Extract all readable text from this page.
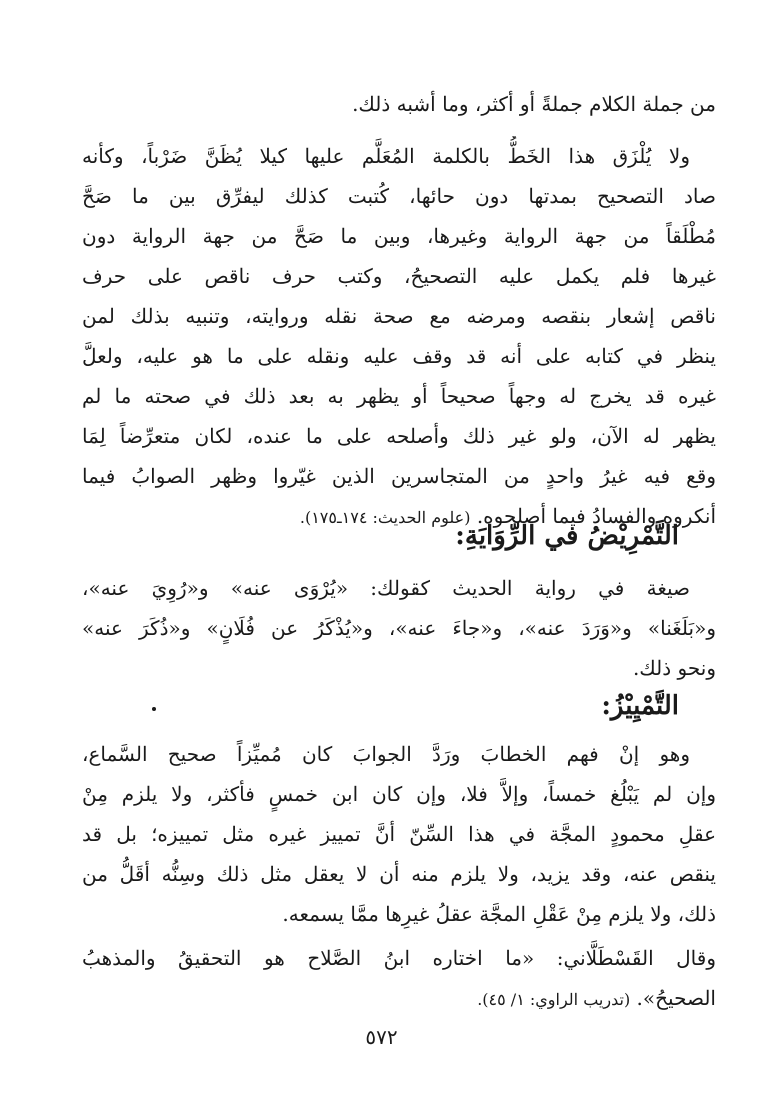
من جملة الكلام جملةً أو أكثر، وما أشبه ذلك.
ولا يُلْزَق هذا الخَطُّ بالكلمة المُعَلَّم عليها كيلا يُظَنَّ ضَرْباً، وكأنه
صاد التصحيح بمدتها دون حائها، كُتبت كذلك ليفرِّق بين ما صَحَّ
مُطْلَقاً من جهة الرواية وغيرها، وبين ما صَحَّ من جهة الرواية دون
غيرها فلم يكمل عليه التصحيحُ، وكتب حرف ناقص على حرف
ناقص إشعار بنقصه ومرضه مع صحة نقله وروايته، وتنبيه بذلك لمن
ينظر في كتابه على أنه قد وقف عليه ونقله على ما هو عليه، ولعلَّ
غيره قد يخرج له وجهاً صحيحاً أو يظهر به بعد ذلك في صحته ما لم
يظهر له الآن، ولو غير ذلك وأصلحه على ما عنده، لكان متعرِّضاً لِمَا
وقع فيه غيرُ واحدٍ من المتجاسرين الذين غيّروا وظهر الصوابُ فيما
أنكروه والفسادُ فيما أصلحوه. (علوم الحديث: ١٧٤ـ١٧٥).
التَّمْرِيْضُ في الرِّوَايَةِ:
صيغة في رواية الحديث كقولك: «يُرْوَى عنه» و«رُوِيَ عنه»،
و«بَلَغَنا» و«وَرَدَ عنه»، و«جاءَ عنه»، و«يُذْكَرُ عن فُلَانٍ» و«ذُكَرَ عنه»
ونحو ذلك.
التَّمْيِيْزُ:
وهو إنْ فهم الخطابَ ورَدَّ الجوابَ كان مُميِّزاً صحيح السَّماع،
وإن لم يَبْلُغ خمساً، وإلاَّ فلا، وإن كان ابن خمسٍ فأكثر، ولا يلزم مِنْ
عقلِ محمودٍ المجَّة في هذا السِّنّ أنَّ تمييز غيره مثل تمييزه؛ بل قد
ينقص عنه، وقد يزيد، ولا يلزم منه أن لا يعقل مثل ذلك وسِنُّه أقَلُّ من
ذلك، ولا يلزم مِنْ عَقْلِ المجَّة عقلُ غيرِها ممَّا يسمعه.
وقال القَسْطَلَّاني: «ما اختاره ابنُ الصَّلاح هو التحقيقُ والمذهبُ
الصحيحُ». (تدريب الراوي: ١/ ٤٥).
٥٧٢
